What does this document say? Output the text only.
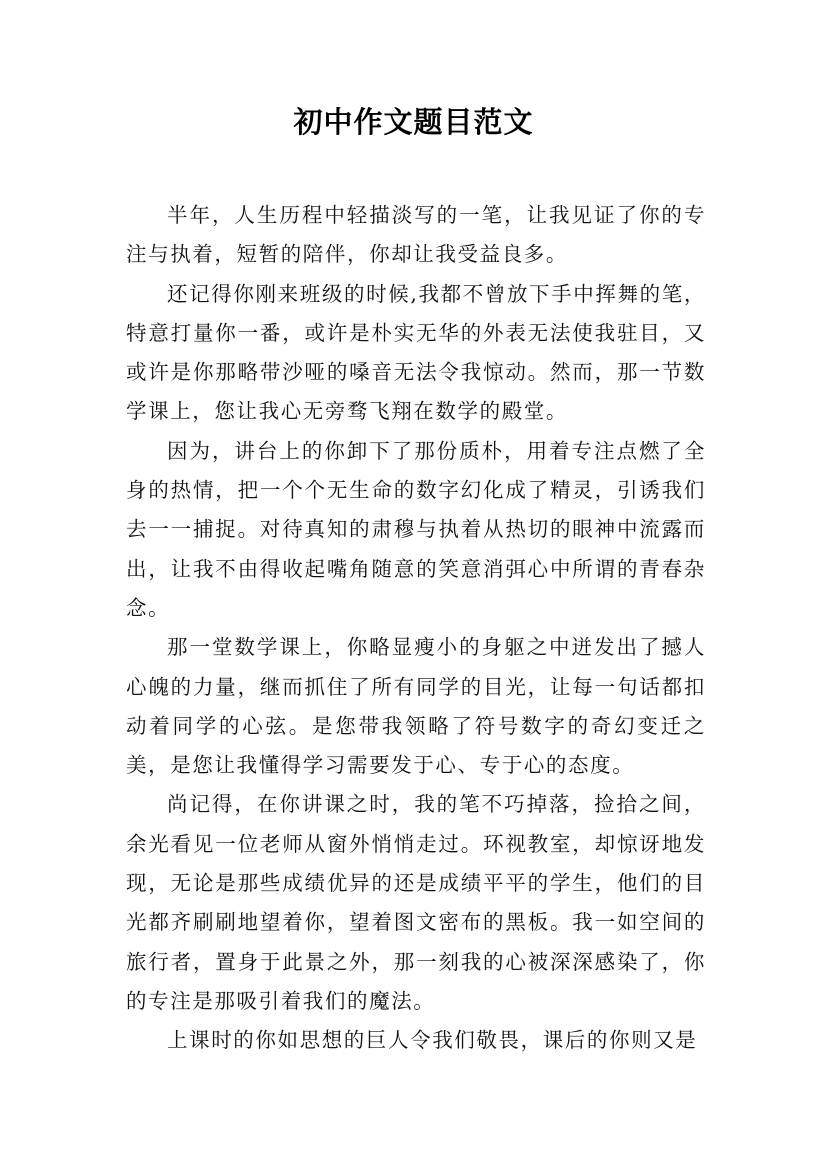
初中作文题目范文

半年，人生历程中轻描淡写的一笔，让我见证了你的专注与执着，短暂的陪伴，你却让我受益良多。

还记得你刚来班级的时候,我都不曾放下手中挥舞的笔，特意打量你一番，或许是朴实无华的外表无法使我驻目，又或许是你那略带沙哑的嗓音无法令我惊动。然而，那一节数学课上，您让我心无旁骛飞翔在数学的殿堂。

因为，讲台上的你卸下了那份质朴，用着专注点燃了全身的热情，把一个个无生命的数字幻化成了精灵，引诱我们去一一捕捉。对待真知的肃穆与执着从热切的眼神中流露而出，让我不由得收起嘴角随意的笑意消弭心中所谓的青春杂念。

那一堂数学课上，你略显瘦小的身躯之中迸发出了撼人心魄的力量，继而抓住了所有同学的目光，让每一句话都扣动着同学的心弦。是您带我领略了符号数字的奇幻变迁之美，是您让我懂得学习需要发于心、专于心的态度。

尚记得，在你讲课之时，我的笔不巧掉落，捡拾之间，余光看见一位老师从窗外悄悄走过。环视教室，却惊讶地发现，无论是那些成绩优异的还是成绩平平的学生，他们的目光都齐刷刷地望着你，望着图文密布的黑板。我一如空间的旅行者，置身于此景之外，那一刻我的心被深深感染了，你的专注是那吸引着我们的魔法。

上课时的你如思想的巨人令我们敬畏，课后的你则又是
